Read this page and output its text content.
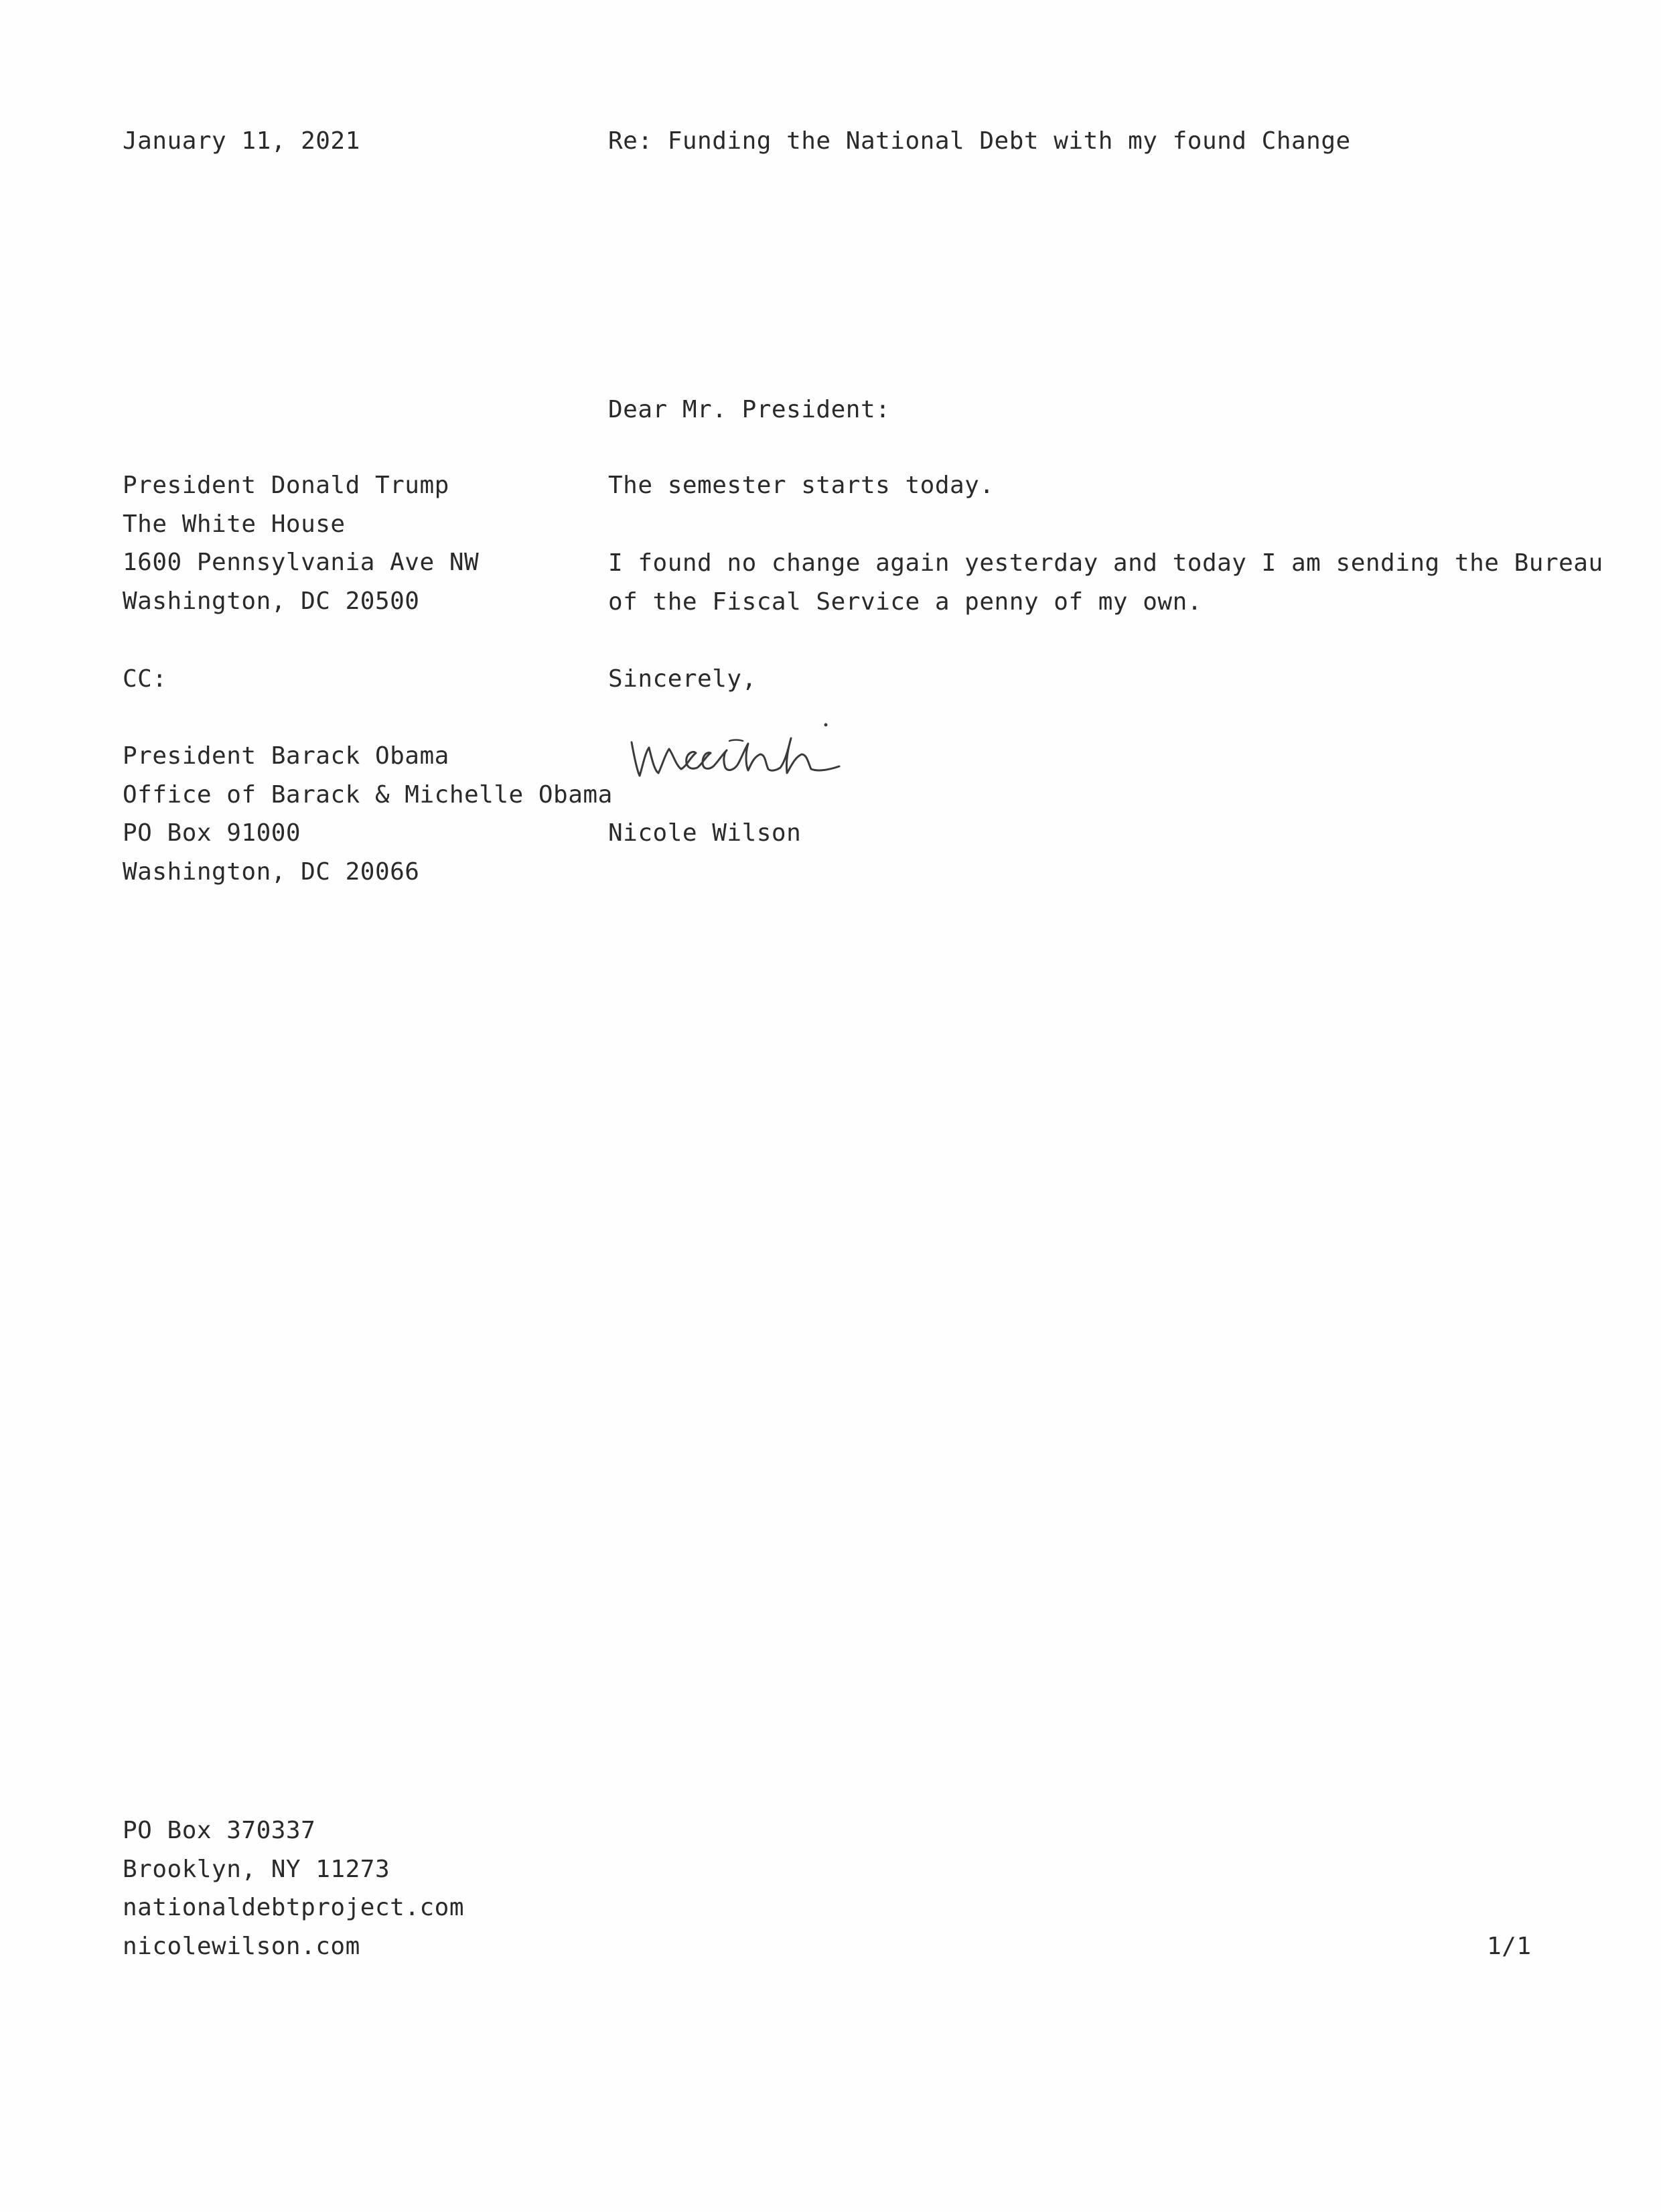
January 11, 2021	Re: Funding the National Debt with my found Change
Dear Mr. President:
President Donald Trump
The White House
1600 Pennsylvania Ave NW
Washington, DC 20500
CC:
President Barack Obama
Office of Barack & Michelle Obama
PO Box 91000
Washington, DC 20066
The semester starts today.
I found no change again yesterday and today I am sending the Bureau
of the Fiscal Service a penny of my own.
Sincerely,
Nicole Wilson
PO Box 370337
Brooklyn, NY 11273
nationaldebtproject.com
nicolewilson.com	1/1
